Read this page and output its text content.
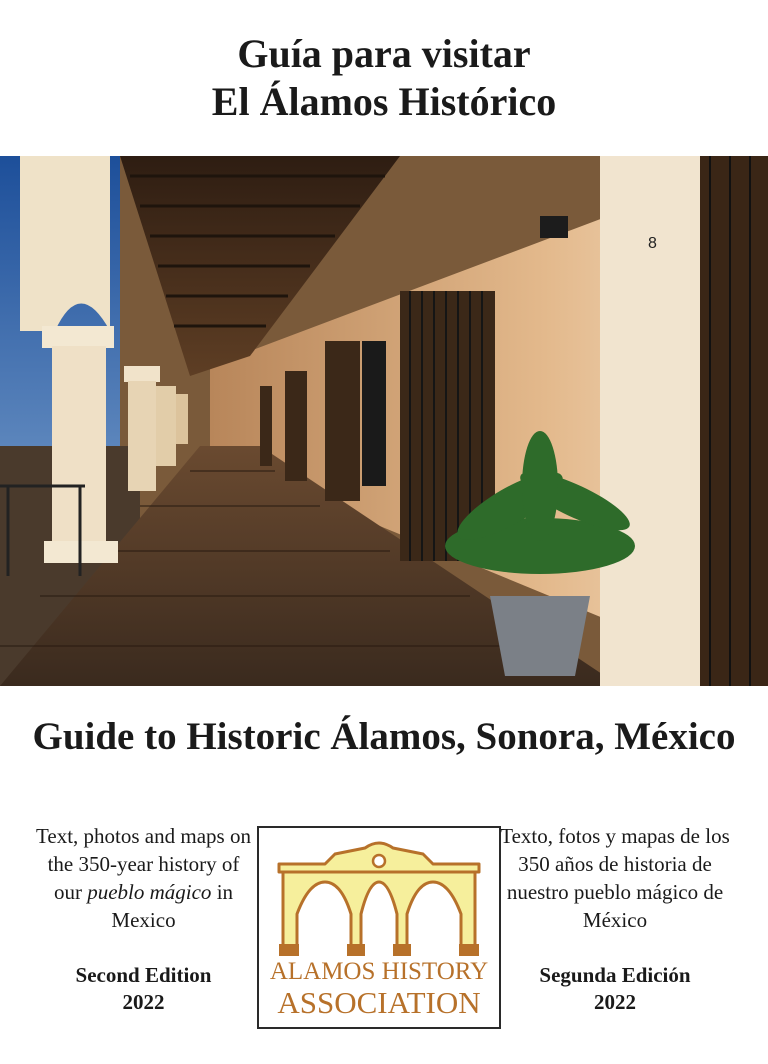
Guía para visitar
El Álamos Histórico
8
Guide to Historic Álamos, Sonora, México

Text, photos and maps on the 350-year history of our pueblo mágico in Mexico

Second Edition
2022
ALAMOS HISTORY
ASSOCIATION

Texto, fotos y mapas de los 350 años de historia de nuestro pueblo mágico de México

Segunda Edición
2022
